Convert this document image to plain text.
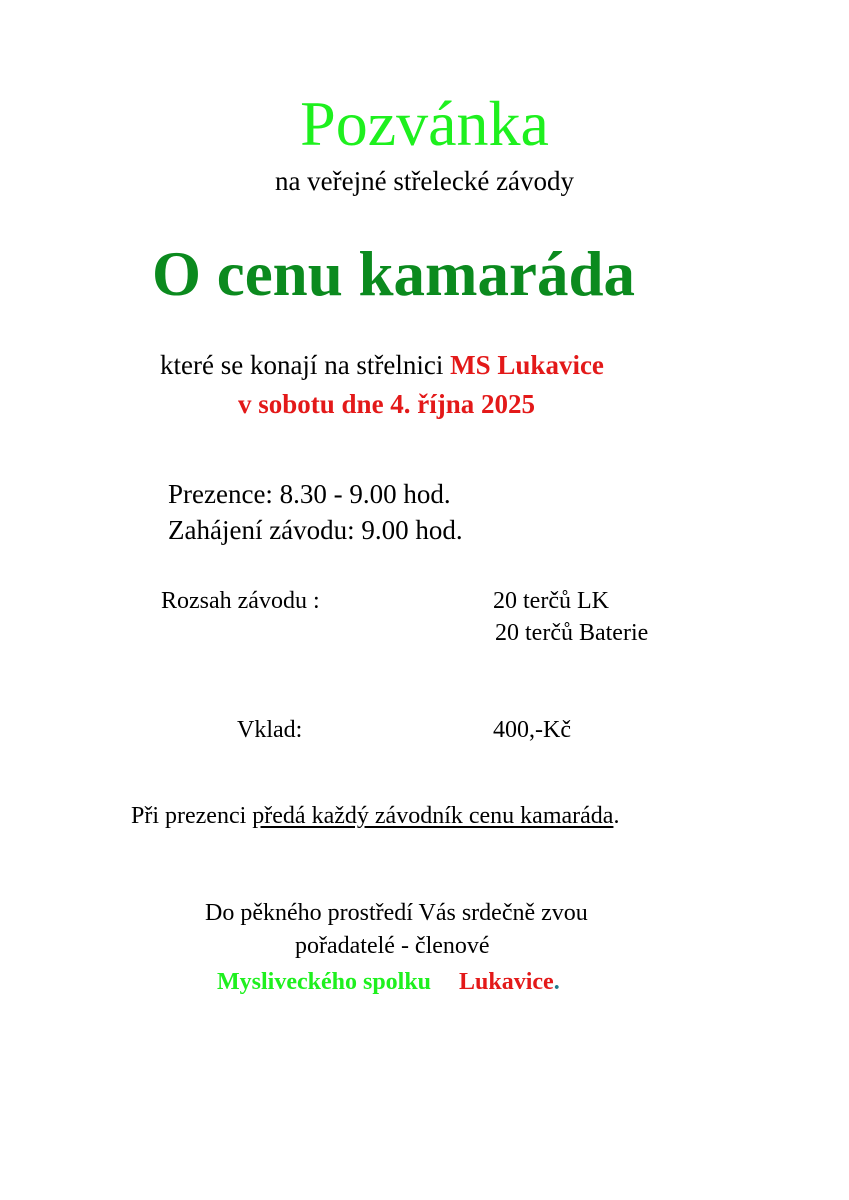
Pozvánka
na veřejné střelecké závody
O cenu kamaráda
které se konají na střelnici MS Lukavice
v sobotu dne 4. října 2025
Prezence: 8.30 - 9.00 hod.
Zahájení závodu: 9.00 hod.
Rozsah závodu :	20 terčů LK
20 terčů Baterie
Vklad:	400,-Kč
Při prezenci předá každý závodník cenu kamaráda.
Do pěkného prostředí Vás srdečně zvou
pořadatelé - členové
Mysliveckého spolku Lukavice.
